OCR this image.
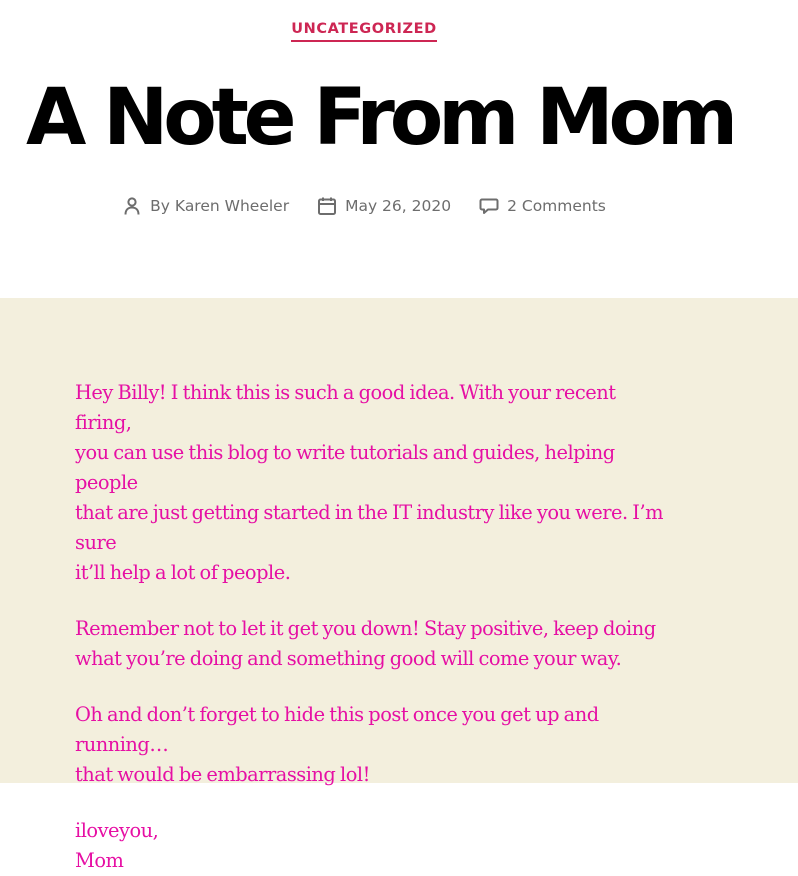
UNCATEGORIZED
A Note From Mom
By Karen Wheeler	May 26, 2020	2 Comments

Hey Billy! I think this is such a good idea. With your recent firing,
you can use this blog to write tutorials and guides, helping people
that are just getting started in the IT industry like you were. I’m sure
it’ll help a lot of people.

Remember not to let it get you down! Stay positive, keep doing
what you’re doing and something good will come your way.

Oh and don’t forget to hide this post once you get up and running…
that would be embarrassing lol!

iloveyou,
Mom
